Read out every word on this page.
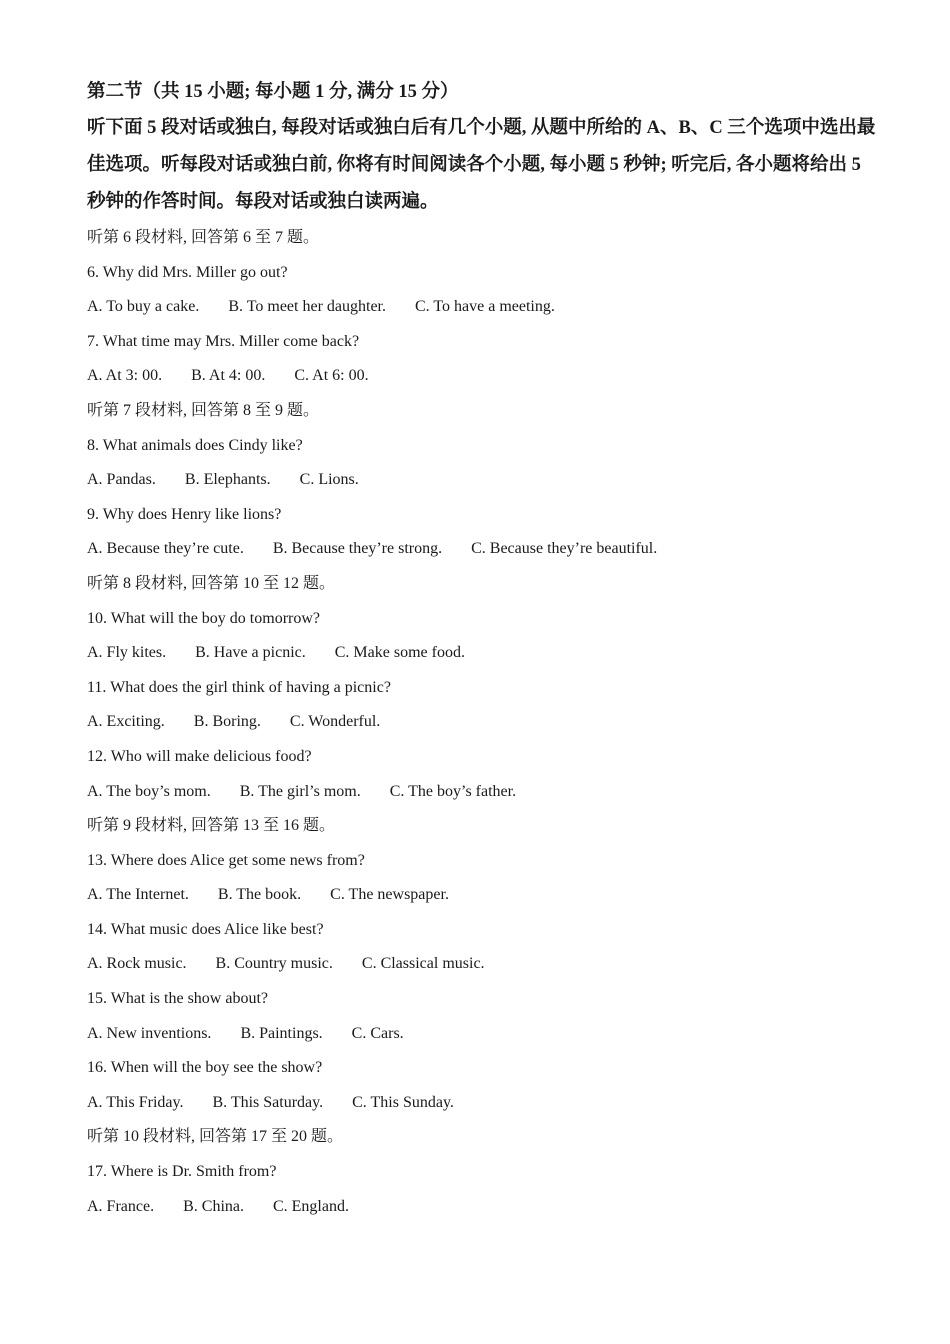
第二节（共 15 小题; 每小题 1 分, 满分 15 分）

听下面 5 段对话或独白, 每段对话或独白后有几个小题, 从题中所给的 A、B、C 三个选项中选出最佳选项。听每段对话或独白前, 你将有时间阅读各个小题, 每小题 5 秒钟; 听完后, 各小题将给出 5 秒钟的作答时间。每段对话或独白读两遍。

听第 6 段材料, 回答第 6 至 7 题。

6. Why did Mrs. Miller go out?

A. To buy a cake. B. To meet her daughter. C. To have a meeting.

7. What time may Mrs. Miller come back?

A. At 3: 00. B. At 4: 00. C. At 6: 00.

听第 7 段材料, 回答第 8 至 9 题。

8. What animals does Cindy like?

A. Pandas. B. Elephants. C. Lions.

9. Why does Henry like lions?

A. Because they’re cute. B. Because they’re strong. C. Because they’re beautiful.

听第 8 段材料, 回答第 10 至 12 题。

10. What will the boy do tomorrow?

A. Fly kites. B. Have a picnic. C. Make some food.

11. What does the girl think of having a picnic?

A. Exciting. B. Boring. C. Wonderful.

12. Who will make delicious food?

A. The boy’s mom. B. The girl’s mom. C. The boy’s father.

听第 9 段材料, 回答第 13 至 16 题。

13. Where does Alice get some news from?

A. The Internet. B. The book. C. The newspaper.

14. What music does Alice like best?

A. Rock music. B. Country music. C. Classical music.

15. What is the show about?

A. New inventions. B. Paintings. C. Cars.

16. When will the boy see the show?

A. This Friday. B. This Saturday. C. This Sunday.

听第 10 段材料, 回答第 17 至 20 题。

17. Where is Dr. Smith from?

A. France. B. China. C. England.
